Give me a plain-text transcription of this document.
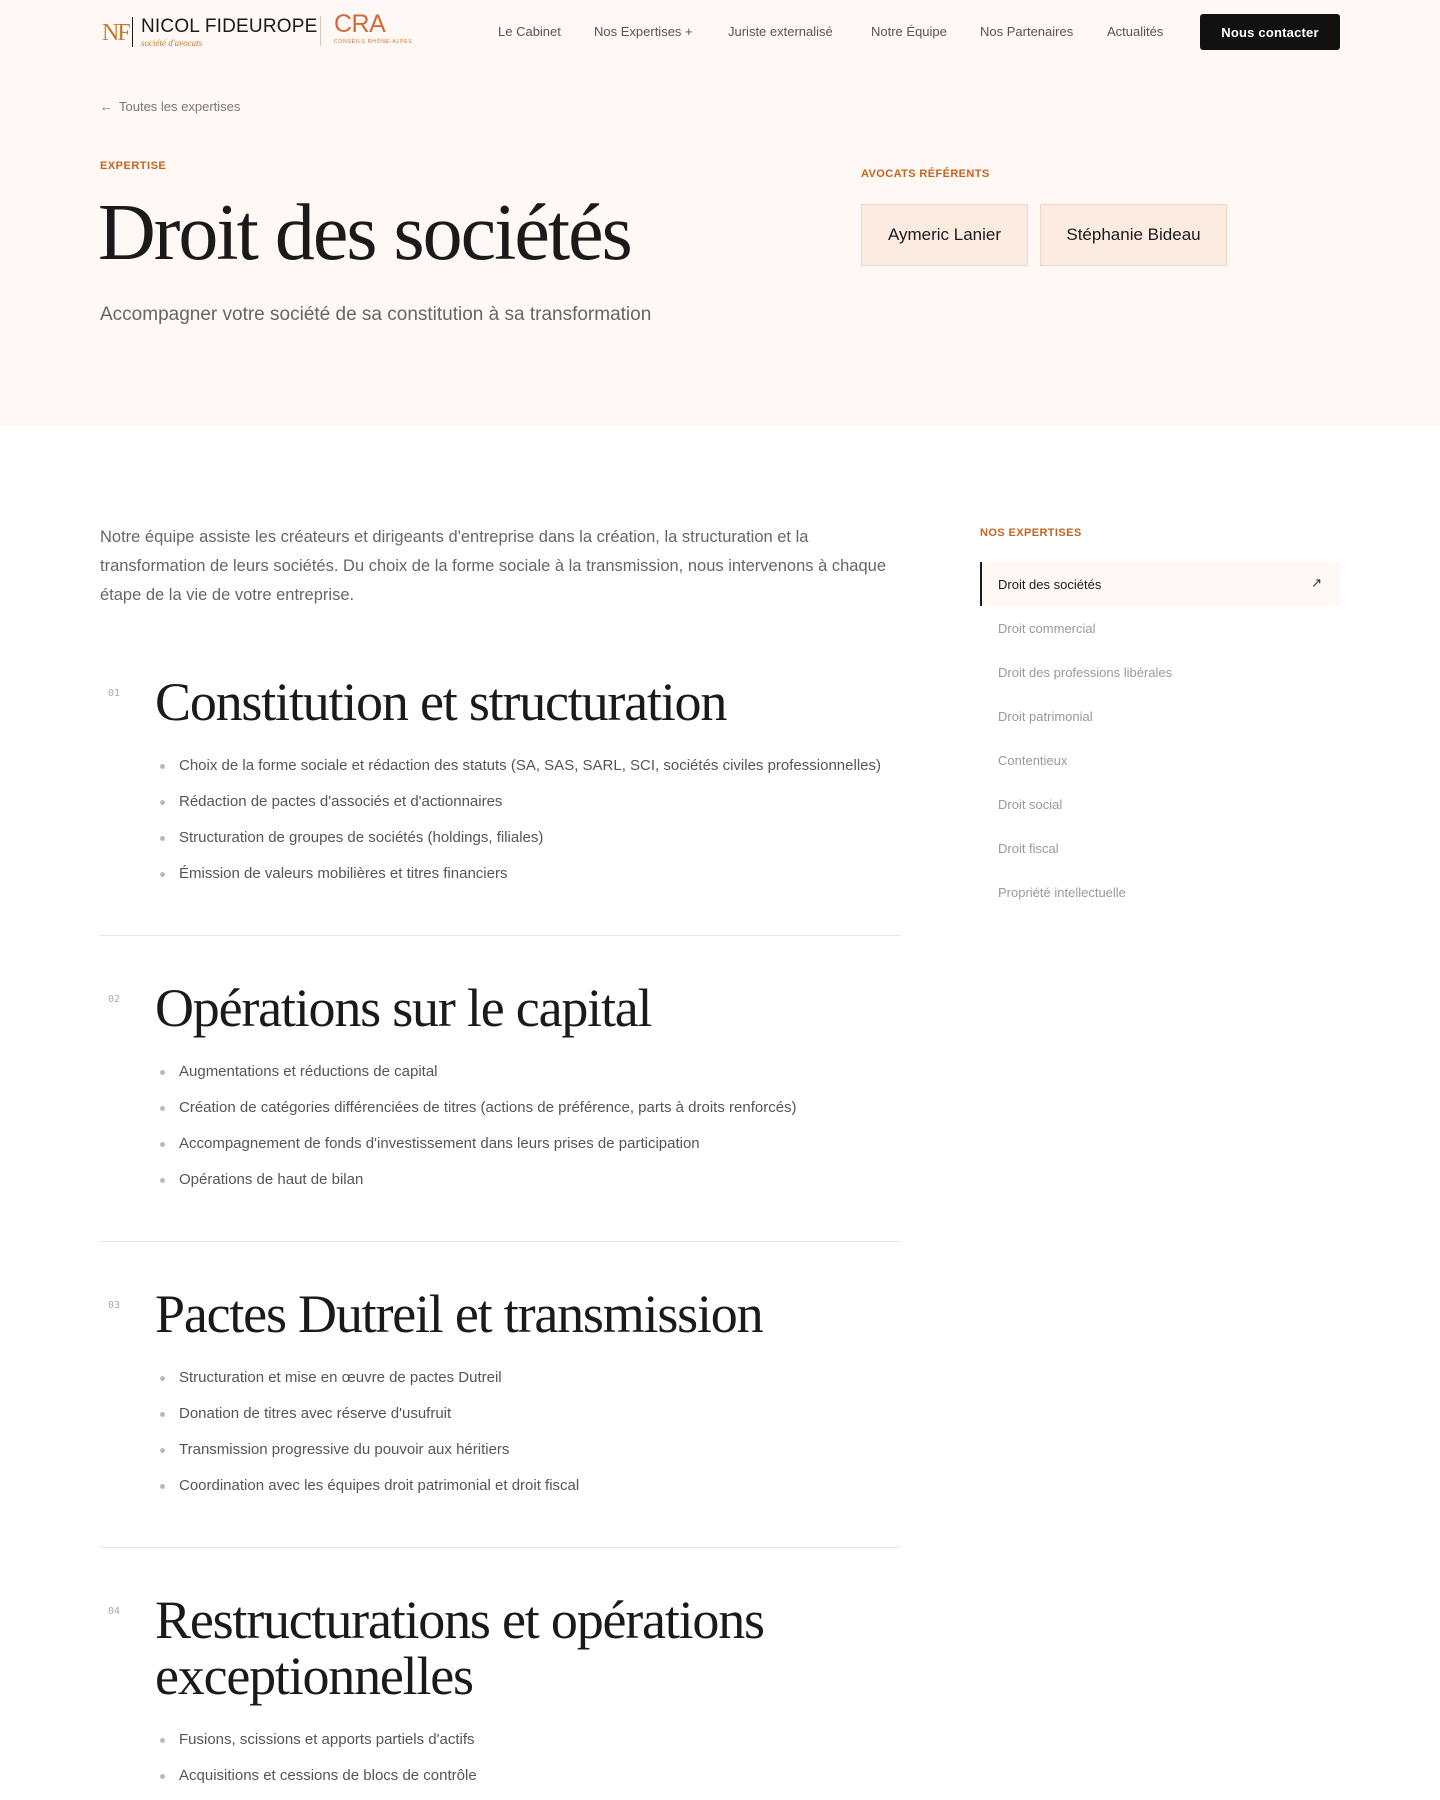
NF NICOL FIDEUROPE
société d'avocats
CRA
CONSEILS RHÔNE-ALPES
Le Cabinet	Nos Expertises +	Juriste externalisé	Notre Équipe	Nos Partenaires	Actualités	Nous contacter
← Toutes les expertises
EXPERTISE
Droit des sociétés

Accompagner votre société de sa constitution à sa transformation

AVOCATS RÉFÉRENTS
Aymeric Lanier	Stéphanie Bideau

Notre équipe assiste les créateurs et dirigeants d'entreprise dans la création, la structuration et la transformation de leurs sociétés. Du choix de la forme sociale à la transmission, nous intervenons à chaque étape de la vie de votre entreprise.

01 Constitution et structuration
Choix de la forme sociale et rédaction des statuts (SA, SAS, SARL, SCI, sociétés civiles professionnelles)
Rédaction de pactes d'associés et d'actionnaires
Structuration de groupes de sociétés (holdings, filiales)
Émission de valeurs mobilières et titres financiers
02 Opérations sur le capital
Augmentations et réductions de capital
Création de catégories différenciées de titres (actions de préférence, parts à droits renforcés)
Accompagnement de fonds d'investissement dans leurs prises de participation
Opérations de haut de bilan
03 Pactes Dutreil et transmission
Structuration et mise en œuvre de pactes Dutreil
Donation de titres avec réserve d'usufruit
Transmission progressive du pouvoir aux héritiers
Coordination avec les équipes droit patrimonial et droit fiscal
04 Restructurations et opérations exceptionnelles
Fusions, scissions et apports partiels d'actifs
Acquisitions et cessions de blocs de contrôle
NOS EXPERTISES
Droit des sociétés	↗
Droit commercial
Droit des professions libérales
Droit patrimonial
Contentieux
Droit social
Droit fiscal
Propriété intellectuelle
